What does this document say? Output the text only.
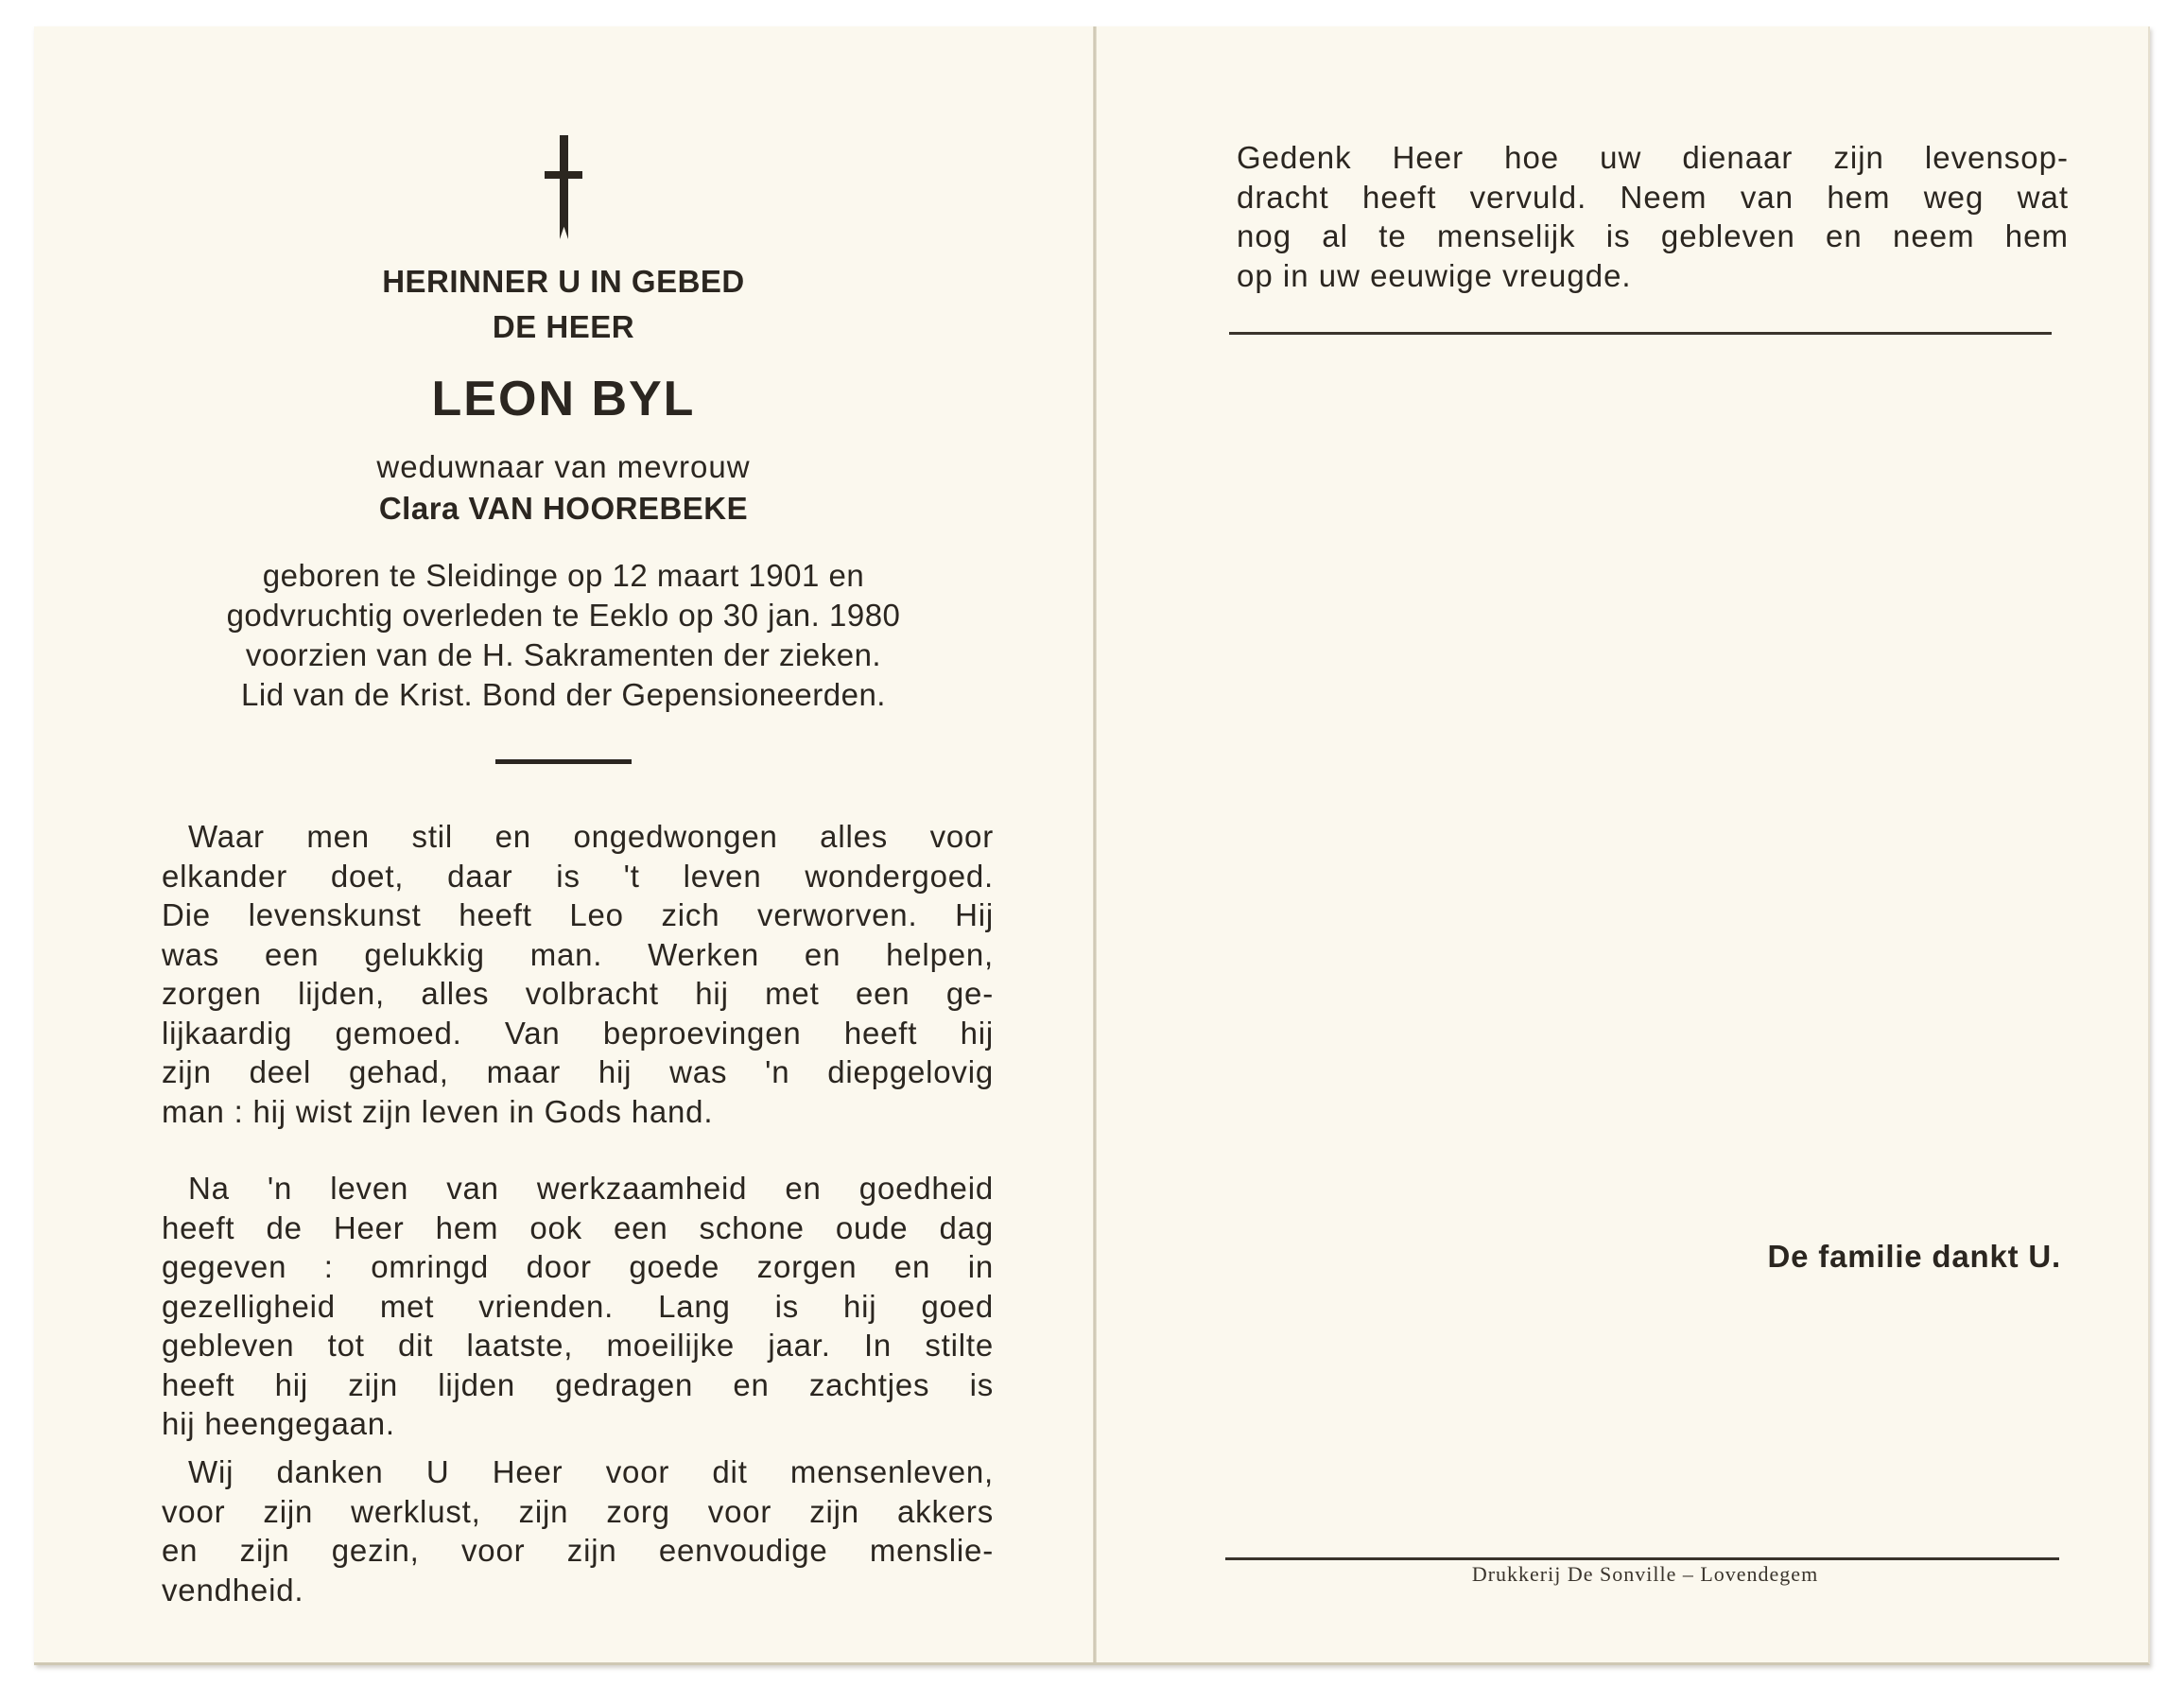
HERINNER U IN GEBED
DE HEER
LEON BYL
weduwnaar van mevrouw
Clara VAN HOOREBEKE
geboren te Sleidinge op 12 maart 1901 en
godvruchtig overleden te Eeklo op 30 jan. 1980
voorzien van de H. Sakramenten der zieken.
Lid van de Krist. Bond der Gepensioneerden.
Waar men stil en ongedwongen alles voor
elkander doet, daar is 't leven wondergoed.
Die levenskunst heeft Leo zich verworven. Hij
was een gelukkig man. Werken en helpen,
zorgen lijden, alles volbracht hij met een ge-
lijkaardig gemoed. Van beproevingen heeft hij
zijn deel gehad, maar hij was 'n diepgelovig
man : hij wist zijn leven in Gods hand.
Na 'n leven van werkzaamheid en goedheid
heeft de Heer hem ook een schone oude dag
gegeven : omringd door goede zorgen en in
gezelligheid met vrienden. Lang is hij goed
gebleven tot dit laatste, moeilijke jaar. In stilte
heeft hij zijn lijden gedragen en zachtjes is
hij heengegaan.
Wij danken U Heer voor dit mensenleven,
voor zijn werklust, zijn zorg voor zijn akkers
en zijn gezin, voor zijn eenvoudige menslie-
vendheid.
Gedenk Heer hoe uw dienaar zijn levensop-
dracht heeft vervuld. Neem van hem weg wat
nog al te menselijk is gebleven en neem hem
op in uw eeuwige vreugde.
De familie dankt U.
Drukkerij De Sonville – Lovendegem
